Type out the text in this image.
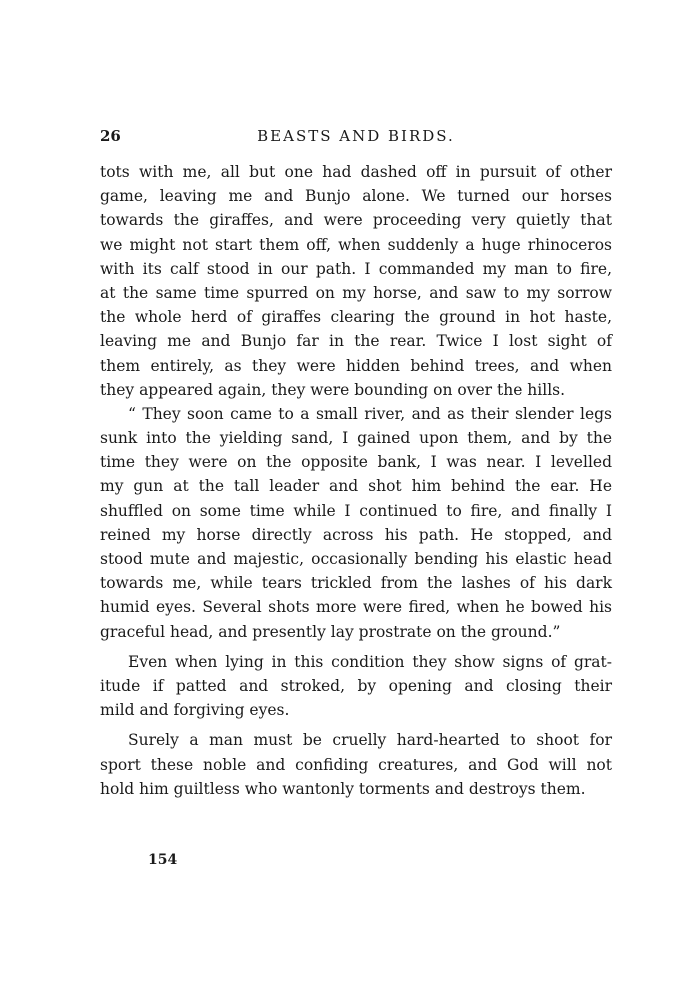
26	BEASTS AND BIRDS.
tots with me, all but one had dashed off in pursuit of other
game, leaving me and Bunjo alone. We turned our horses
towards the giraffes, and were proceeding very quietly that
we might not start them off, when suddenly a huge rhinoceros
with its calf stood in our path. I commanded my man to fire,
at the same time spurred on my horse, and saw to my sorrow
the whole herd of giraffes clearing the ground in hot haste,
leaving me and Bunjo far in the rear. Twice I lost sight of
them entirely, as they were hidden behind trees, and when
they appeared again, they were bounding on over the hills.
“ They soon came to a small river, and as their slender legs
sunk into the yielding sand, I gained upon them, and by the
time they were on the opposite bank, I was near. I levelled
my gun at the tall leader and shot him behind the ear. He
shuffled on some time while I continued to fire, and finally I
reined my horse directly across his path. He stopped, and
stood mute and majestic, occasionally bending his elastic head
towards me, while tears trickled from the lashes of his dark
humid eyes. Several shots more were fired, when he bowed his
graceful head, and presently lay prostrate on the ground.”
Even when lying in this condition they show signs of grat-
itude if patted and stroked, by opening and closing their
mild and forgiving eyes.
Surely a man must be cruelly hard-hearted to shoot for
sport these noble and confiding creatures, and God will not
hold him guiltless who wantonly torments and destroys them.
154
